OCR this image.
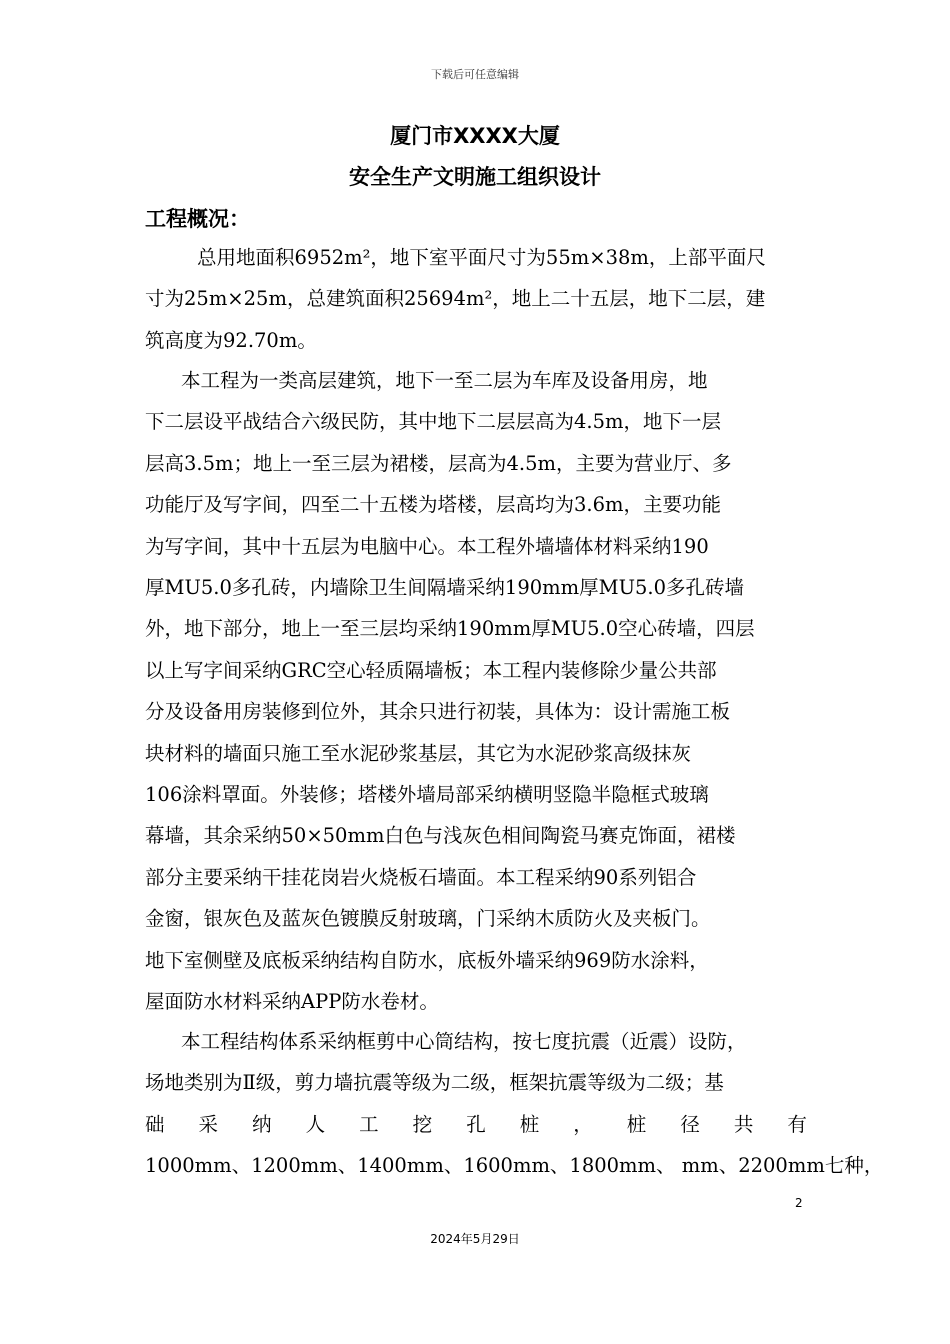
下载后可任意编辑
厦门市XXXX大厦
安全生产文明施工组织设计
工程概况：
总用地面积6952m²，地下室平面尺寸为55m×38m，上部平面尺
寸为25m×25m，总建筑面积25694m²，地上二十五层，地下二层，建
筑高度为92.70m。
本工程为一类高层建筑，地下一至二层为车库及设备用房，地
下二层设平战结合六级民防，其中地下二层层高为4.5m，地下一层
层高3.5m；地上一至三层为裙楼，层高为4.5m，主要为营业厅、多
功能厅及写字间，四至二十五楼为塔楼，层高均为3.6m，主要功能
为写字间，其中十五层为电脑中心。本工程外墙墙体材料采纳190
厚MU5.0多孔砖，内墙除卫生间隔墙采纳190mm厚MU5.0多孔砖墙
外，地下部分，地上一至三层均采纳190mm厚MU5.0空心砖墙，四层
以上写字间采纳GRC空心轻质隔墙板；本工程内装修除少量公共部
分及设备用房装修到位外，其余只进行初装，具体为：设计需施工板
块材料的墙面只施工至水泥砂浆基层，其它为水泥砂浆高级抹灰
106涂料罩面。外装修；塔楼外墙局部采纳横明竖隐半隐框式玻璃
幕墙，其余采纳50×50mm白色与浅灰色相间陶瓷马赛克饰面，裙楼
部分主要采纳干挂花岗岩火烧板石墙面。本工程采纳90系列铝合
金窗，银灰色及蓝灰色镀膜反射玻璃，门采纳木质防火及夹板门。
地下室侧壁及底板采纳结构自防水，底板外墙采纳969防水涂料，
屋面防水材料采纳APP防水卷材。
本工程结构体系采纳框剪中心筒结构，按七度抗震（近震）设防，
场地类别为Ⅱ级，剪力墙抗震等级为二级，框架抗震等级为二级；基
础 采 纳 人 工 挖 孔 桩 ， 桩 径 共 有
1000mm、1200mm、1400mm、1600mm、1800mm、 mm、2200mm七种，
2
2024年5月29日
